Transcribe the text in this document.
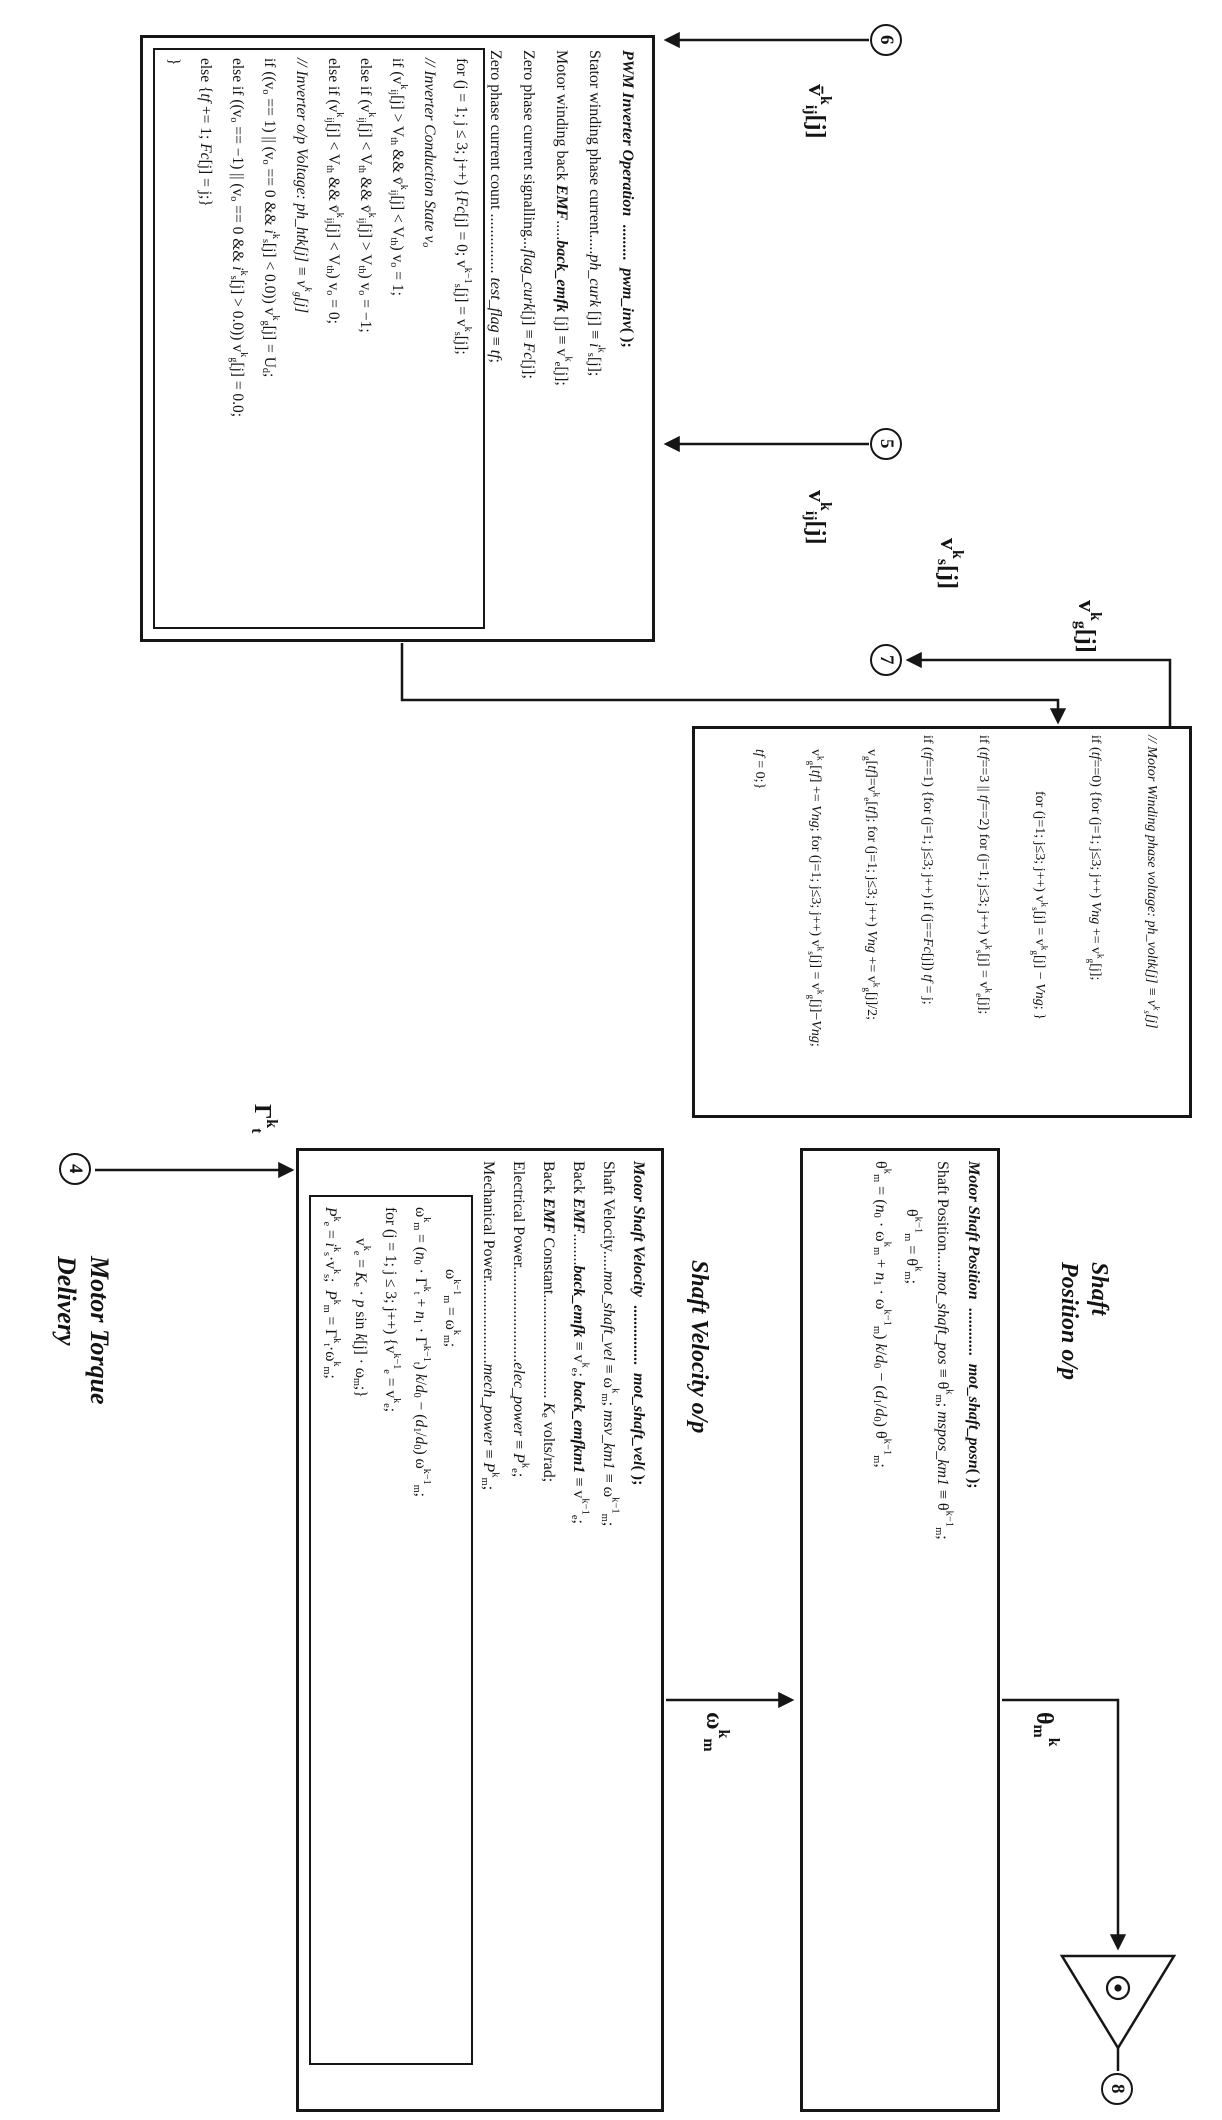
PWM Inverter Operation ......... pwm_inv( );
Stator winding phase current.....ph_curk $[j] \equiv i^k_s[j]$;
Motor winding back EMF.....back_emfk $[j] \equiv v^k_e[j]$;
Zero phase current signalling...flag_curk[j] ≡ Fc[j];
Zero phase current count ............... test_flag ≡ tf;
for (j = 1; j ≤ 3; j++) {Fc[j] = 0; $v^{k-1}_s[j] = v^k_s[j]$;
// Inverter Conduction State $v_o$
if ($v^k_{ij}[j] > V_{th}$ && v̄$^k_{ij}$[j] < $V_{th}$) $v_o = 1$;
else if ($v^k_{ij}[j] < V_{th}$ && v̄$^k_{ij}$[j] > $V_{th}$) $v_o = -1$;
else if ($v^k_{ij}[j] < V_{th}$ && v̄$^k_{ij}$[j] < $V_{th}$) $v_o = 0$;
// Inverter o/p Voltage: ph_htk[j] ≡ $v^k_g[j]$
if ($(v_o == 1)$ || ($v_o == 0$ && $i^k_s[j] < 0.0$)) $v^k_g[j] = U_d$;
else if ($(v_o == -1)$ || ($v_o == 0$ && $i^k_s[j] > 0.0$)) $v^k_g[j] = 0.0$;
else {tf += 1; Fc[j] = j;}
}
// Motor Winding phase voltage: ph_voltk[j] ≡ $v^k_s[j]$
if (tf==0) {for (j=1; j≤3; j++) Vng += $v^k_g[j]$;
    for (j=1; j≤3; j++) $v^k_s[j] = v^k_g[j]$ − Vng; }
if (tf==3 || tf==2) for (j=1; j≤3; j++) $v^k_s[j] = v^k_e[j]$;
if (tf==1) {for (j=1; j≤3; j++) if (j==Fc[j]) tf = j;
 $v_g[tf]=v^k_e[tf]$; for (j=1; j≤3; j++) Vng += $v^k_g[j]/2$;
 $v^k_g[tf]$ += Vng; for (j=1; j≤3; j++) $v^k_s[j] = v^k_g[j]-Vng$;
 tf = 0;}
Motor Shaft Velocity ............... mot_shaft_vel( );
Shaft Velocity.....mot_shaft_vel ≡ $\omega^k_m$; msv_km1 ≡ $\omega^{k-1}_m$;
Back EMF........back_emfk ≡ $v^k_e$; back_emfkm1 ≡ $v^{k-1}_e$;
Back EMF Constant.......................... $K_e$ volts/rad;
Electrical Power........................elec_power ≡ $P^k_e$;
Mechanical Power.....................mech_power ≡ $P^k_m$;
    $\omega^{k-1}_m = \omega^k_m$;
$\omega^k_m = (n_0 \cdot \Gamma^k_t + n_1 \cdot \Gamma^{k-1}_t) k/d_0 - (d_1/d_0)$ $\omega^{k-1}_m$;
for (j = 1; j ≤ 3; j++) {$v^{k-1}_e = v^k_e$;
  $v^k_e = K_e \cdot p$ $\sin k[j] \cdot \omega_m$;}
$P^k_e = i^k_s\cdot v^k_s$; $P^k_m = \Gamma^k_t\cdot\omega^k_m$;
Motor Shaft Position ............ mot_shaft_posn( );
Shaft Position.....mot_shaft_pos ≡ $\theta^k_m$; mspos_km1 ≡ $\theta^{k-1}_m$;
   $\theta^{k-1}_m = \theta^k_m$;
$\theta^k_m = (n_0 \cdot \omega^k_m + n_1 \cdot \omega^{k-1}_m) k/d_0 - (d_1/d_0)$ $\theta^{k-1}_m$;
6
5
7
4
8
v̄$^k_{ij}$[j]
$v^k_{ij}[j]$	$v^k_s[j]$
$v^k_g[j]$
$\Gamma^k_t$
$\omega^k_m$
$\theta_m^k$
Motor Torque
Delivery	Shaft Velocity o/p	Shaft
Position o/p
